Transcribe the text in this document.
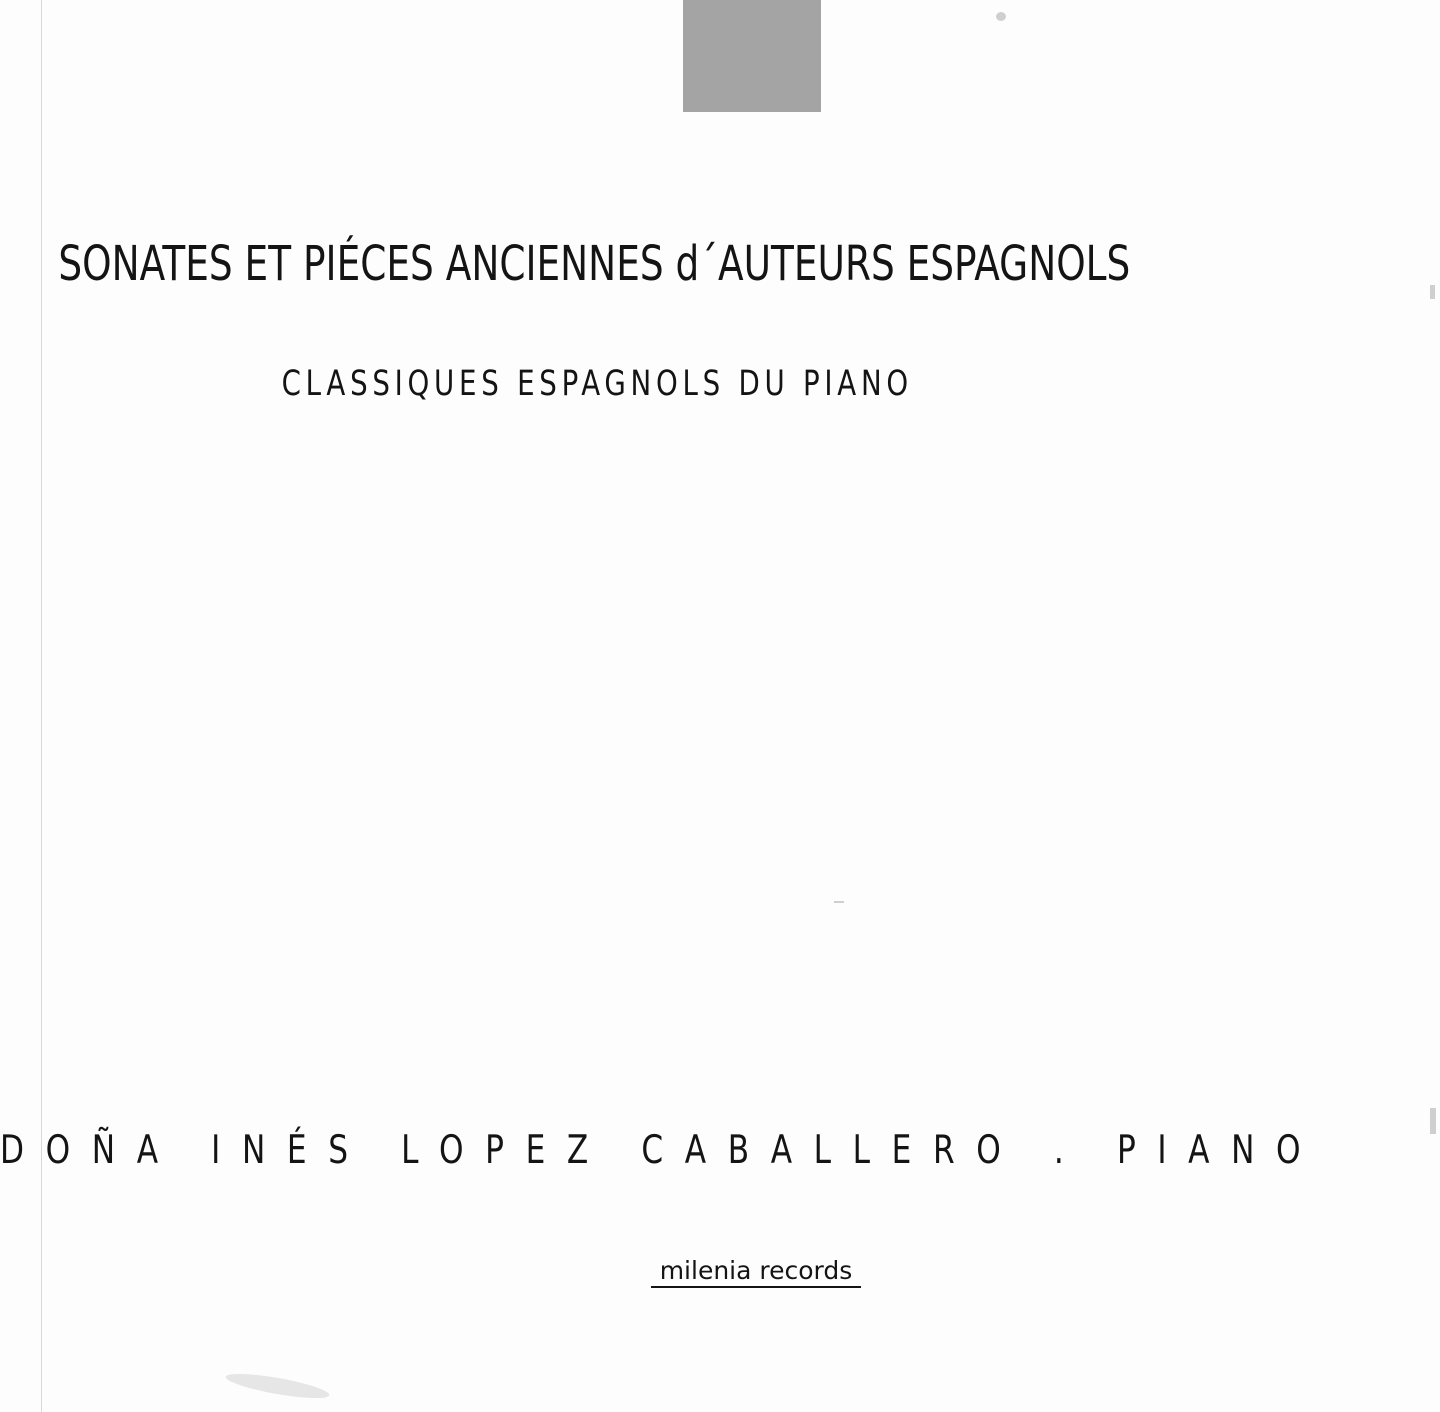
SONATES ET PIÉCES ANCIENNES d´AUTEURS ESPAGNOLS
CLASSIQUES ESPAGNOLS DU PIANO
DOÑA INÉS LOPEZ CABALLERO . PIANO
milenia records
